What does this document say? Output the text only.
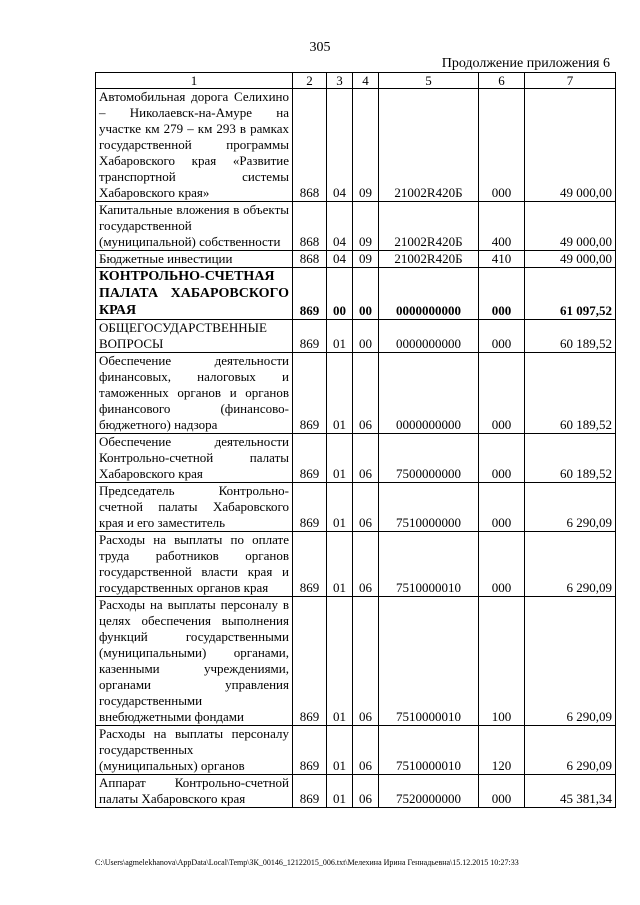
305
Продолжение приложения 6
1	2	3	4	5	6	7
Автомобильная дорога Селихино – Николаевск-на-Амуре на участке км 279 – км 293 в рамках государственной программы Хабаровского края «Развитие транспортной системы Хабаровского края»	868	04	09	21002R420Б	000	49 000,00
Капитальные вложения в объекты государственной (муниципальной) собственности	868	04	09	21002R420Б	400	49 000,00
Бюджетные инвестиции	868	04	09	21002R420Б	410	49 000,00
КОНТРОЛЬНО-СЧЕТНАЯ ПАЛАТА ХАБАРОВСКОГО КРАЯ	869	00	00	0000000000	000	61 097,52
ОБЩЕГОСУДАРСТВЕННЫЕ ВОПРОСЫ	869	01	00	0000000000	000	60 189,52
Обеспечение деятельности финансовых, налоговых и таможенных органов и органов финансового (финансово-бюджетного) надзора	869	01	06	0000000000	000	60 189,52
Обеспечение деятельности Контрольно-счетной палаты Хабаровского края	869	01	06	7500000000	000	60 189,52
Председатель Контрольно-счетной палаты Хабаровского края и его заместитель	869	01	06	7510000000	000	6 290,09
Расходы на выплаты по оплате труда работников органов государственной власти края и государственных органов края	869	01	06	7510000010	000	6 290,09
Расходы на выплаты персоналу в целях обеспечения выполнения функций государственными (муниципальными) органами, казенными учреждениями, органами управления государственными внебюджетными фондами	869	01	06	7510000010	100	6 290,09
Расходы на выплаты персоналу государственных (муниципальных) органов	869	01	06	7510000010	120	6 290,09
Аппарат Контрольно-счетной палаты Хабаровского края	869	01	06	7520000000	000	45 381,34
C:\Users\agmelekhanova\AppData\Local\Temp\ЗК_00146_12122015_006.txt\Мелехина Ирина Геннадьевна\15.12.2015 10:27:33
